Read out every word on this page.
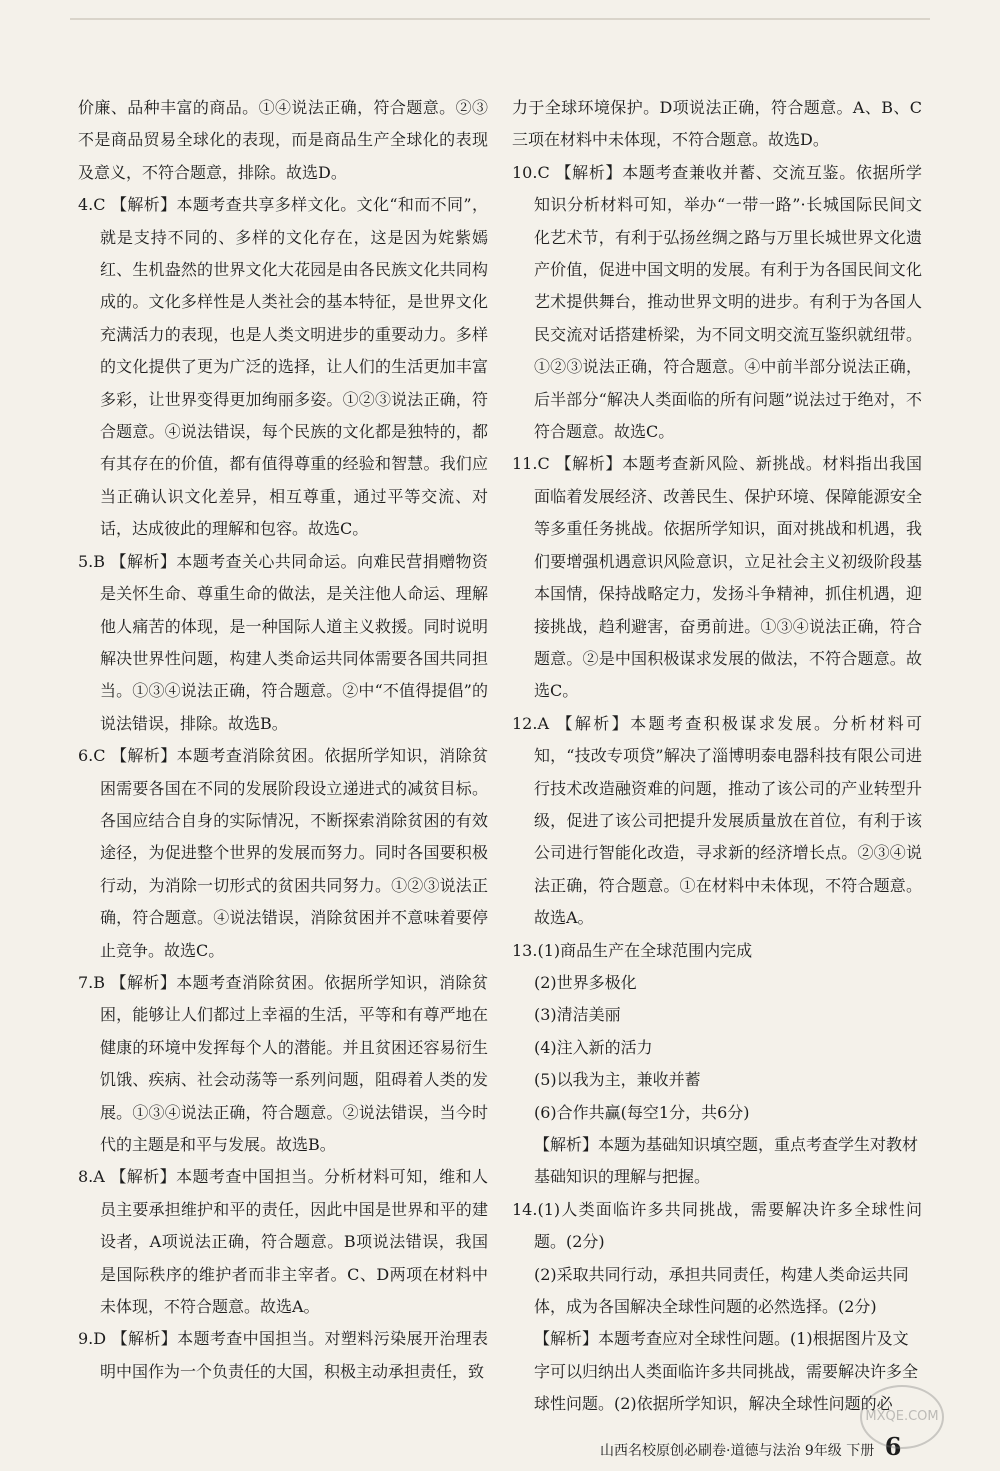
价廉、品种丰富的商品。①④说法正确，符合题意。②③不是商品贸易全球化的表现，而是商品生产全球化的表现及意义，不符合题意，排除。故选D。

4.C 【解析】本题考查共享多样文化。文化“和而不同”，就是支持不同的、多样的文化存在，这是因为姹紫嫣红、生机盎然的世界文化大花园是由各民族文化共同构成的。文化多样性是人类社会的基本特征，是世界文化充满活力的表现，也是人类文明进步的重要动力。多样的文化提供了更为广泛的选择，让人们的生活更加丰富多彩，让世界变得更加绚丽多姿。①②③说法正确，符合题意。④说法错误，每个民族的文化都是独特的，都有其存在的价值，都有值得尊重的经验和智慧。我们应当正确认识文化差异，相互尊重，通过平等交流、对话，达成彼此的理解和包容。故选C。

5.B 【解析】本题考查关心共同命运。向难民营捐赠物资是关怀生命、尊重生命的做法，是关注他人命运、理解他人痛苦的体现，是一种国际人道主义救援。同时说明解决世界性问题，构建人类命运共同体需要各国共同担当。①③④说法正确，符合题意。②中“不值得提倡”的说法错误，排除。故选B。

6.C 【解析】本题考查消除贫困。依据所学知识，消除贫困需要各国在不同的发展阶段设立递进式的减贫目标。各国应结合自身的实际情况，不断探索消除贫困的有效途径，为促进整个世界的发展而努力。同时各国要积极行动，为消除一切形式的贫困共同努力。①②③说法正确，符合题意。④说法错误，消除贫困并不意味着要停止竞争。故选C。

7.B 【解析】本题考查消除贫困。依据所学知识，消除贫困，能够让人们都过上幸福的生活，平等和有尊严地在健康的环境中发挥每个人的潜能。并且贫困还容易衍生饥饿、疾病、社会动荡等一系列问题，阻碍着人类的发展。①③④说法正确，符合题意。②说法错误，当今时代的主题是和平与发展。故选B。

8.A 【解析】本题考查中国担当。分析材料可知，维和人员主要承担维护和平的责任，因此中国是世界和平的建设者，A项说法正确，符合题意。B项说法错误，我国是国际秩序的维护者而非主宰者。C、D两项在材料中未体现，不符合题意。故选A。

9.D 【解析】本题考查中国担当。对塑料污染展开治理表明中国作为一个负责任的大国，积极主动承担责任，致

力于全球环境保护。D项说法正确，符合题意。A、B、C三项在材料中未体现，不符合题意。故选D。

10.C 【解析】本题考查兼收并蓄、交流互鉴。依据所学知识分析材料可知，举办“一带一路”·长城国际民间文化艺术节，有利于弘扬丝绸之路与万里长城世界文化遗产价值，促进中国文明的发展。有利于为各国民间文化艺术提供舞台，推动世界文明的进步。有利于为各国人民交流对话搭建桥梁，为不同文明交流互鉴织就纽带。①②③说法正确，符合题意。④中前半部分说法正确，后半部分“解决人类面临的所有问题”说法过于绝对，不符合题意。故选C。

11.C 【解析】本题考查新风险、新挑战。材料指出我国面临着发展经济、改善民生、保护环境、保障能源安全等多重任务挑战。依据所学知识，面对挑战和机遇，我们要增强机遇意识风险意识，立足社会主义初级阶段基本国情，保持战略定力，发扬斗争精神，抓住机遇，迎接挑战，趋利避害，奋勇前进。①③④说法正确，符合题意。②是中国积极谋求发展的做法，不符合题意。故选C。

12.A 【解析】本题考查积极谋求发展。分析材料可知，“技改专项贷”解决了淄博明泰电器科技有限公司进行技术改造融资难的问题，推动了该公司的产业转型升级，促进了该公司把提升发展质量放在首位，有利于该公司进行智能化改造，寻求新的经济增长点。②③④说法正确，符合题意。①在材料中未体现，不符合题意。故选A。

13.(1)商品生产在全球范围内完成

(2)世界多极化

(3)清洁美丽

(4)注入新的活力

(5)以我为主，兼收并蓄

(6)合作共赢(每空1分，共6分)

【解析】本题为基础知识填空题，重点考查学生对教材基础知识的理解与把握。

14.(1)人类面临许多共同挑战，需要解决许多全球性问题。(2分)

(2)采取共同行动，承担共同责任，构建人类命运共同体，成为各国解决全球性问题的必然选择。(2分)

【解析】本题考查应对全球性问题。(1)根据图片及文字可以归纳出人类面临许多共同挑战，需要解决许多全球性问题。(2)依据所学知识，解决全球性问题的必

山西名校原创必刷卷·道德与法治 9年级 下册 6
MXQE.COM
